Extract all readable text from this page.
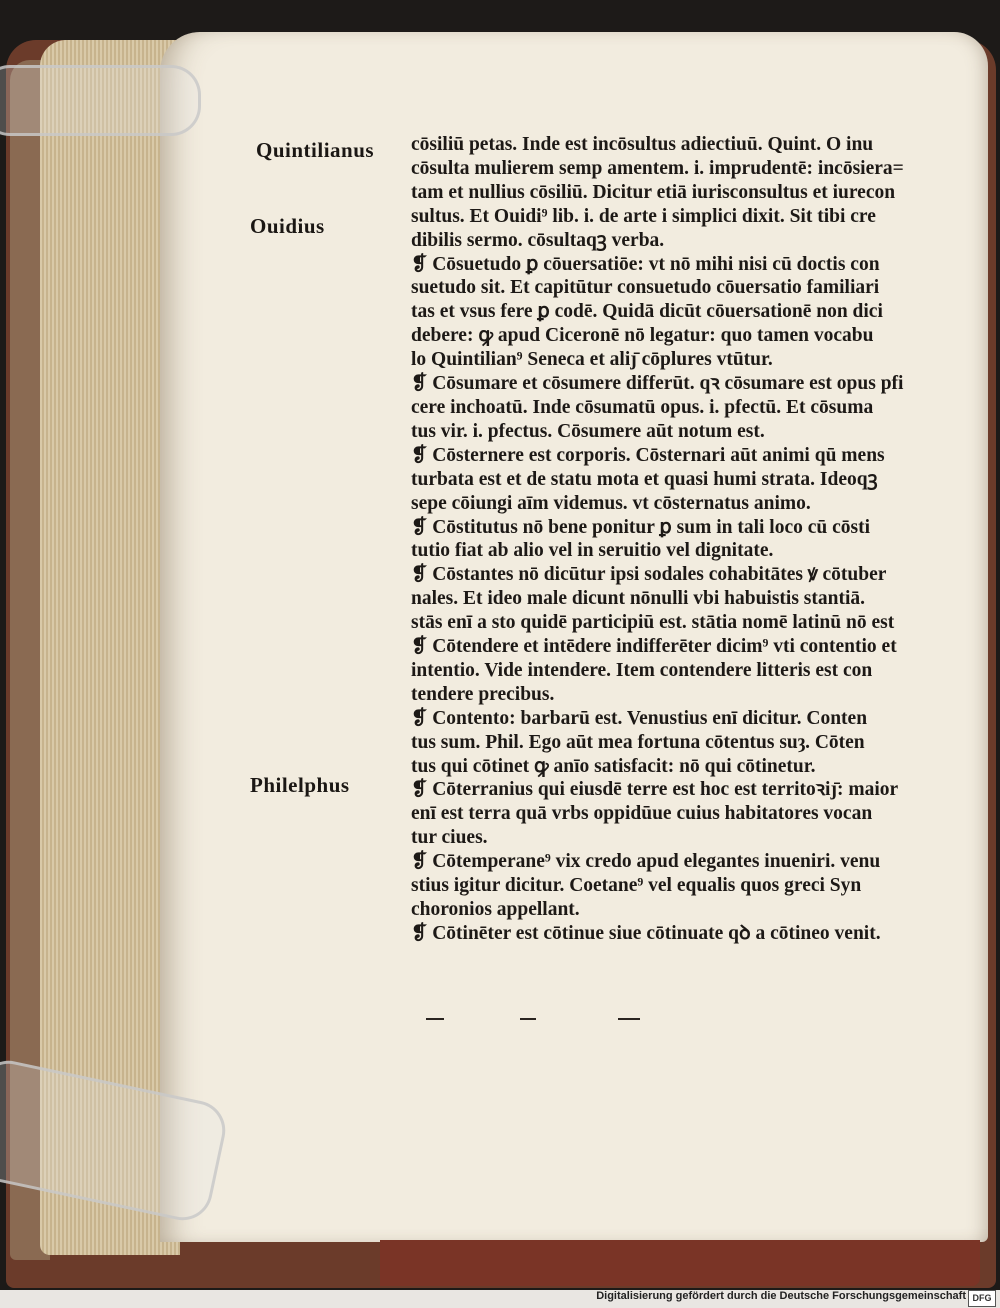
Quintilianus
Ouidius
Philelphus
cōsiliū petas. Inde est incōsultus adiectiuū. Quint. O inu
cōsulta mulierem semp amentem. i. imprudentē: incōsiera=
tam et nullius cōsiliū. Dicitur etiā iurisconsultus et iurecon
sultus. Et Ouidi⁹ lib. i. de arte i simplici dixit. Sit tibi cre
dibilis sermo. cōsultaqꝫ verba.
❡ Cōsuetudo ꝑ cōuersatiōe: vt nō mihi nisi cū doctis con
suetudo sit. Et capitūtur consuetudo cōuersatio familiari
tas et vsus fere ꝑ codē. Quidā dicūt cōuersationē non dici
debere: ꝙ apud Ciceronē nō legatur: quo tamen vocabu
lo Quintilian⁹ Seneca et aliȷ̄ cōplures vtūtur.
❡ Cōsumare et cōsumere differūt. qꝛ cōsumare est opus pfi
cere inchoatū. Inde cōsumatū opus. i. pfectū. Et cōsuma
tus vir. i. pfectus. Cōsumere aūt notum est.
❡ Cōsternere est corporis. Cōsternari aūt animi qū mens
turbata est et de statu mota et quasi humi strata. Ideoqꝫ
sepe cōiungi aīm videmus. vt cōsternatus animo.
❡ Cōstitutus nō bene ponitur ꝑ sum in tali loco cū cōsti
tutio fiat ab alio vel in seruitio vel dignitate.
❡ Cōstantes nō dicūtur ipsi sodales cohabitātes ꝟ cōtuber
nales. Et ideo male dicunt nōnulli vbi habuistis stantiā.
stās enī a sto quidē participiū est. stātia nomē latinū nō est
❡ Cōtendere et intēdere indifferēter dicim⁹ vti contentio et
intentio. Vide intendere. Item contendere litteris est con
tendere precibus.
❡ Contento: barbarū est. Venustius enī dicitur. Conten
tus sum. Phil. Ego aūt mea fortuna cōtentus suȝ. Cōten
tus qui cōtinet ꝙ anīo satisfacit: nō qui cōtinetur.
❡ Cōterranius qui eiusdē terre est hoc est territoꝛiȷ̄: maior
enī est terra quā vrbs oppidūue cuius habitatores vocan
tur ciues.
❡ Cōtemperane⁹ vix credo apud elegantes inueniri. venu
stius igitur dicitur. Coetane⁹ vel equalis quos greci Syn
choronios appellant.
❡ Cōtinēter est cōtinue siue cōtinuate qꝺ a cōtineo venit.
Digitalisierung gefördert durch die Deutsche Forschungsgemeinschaft DFG
